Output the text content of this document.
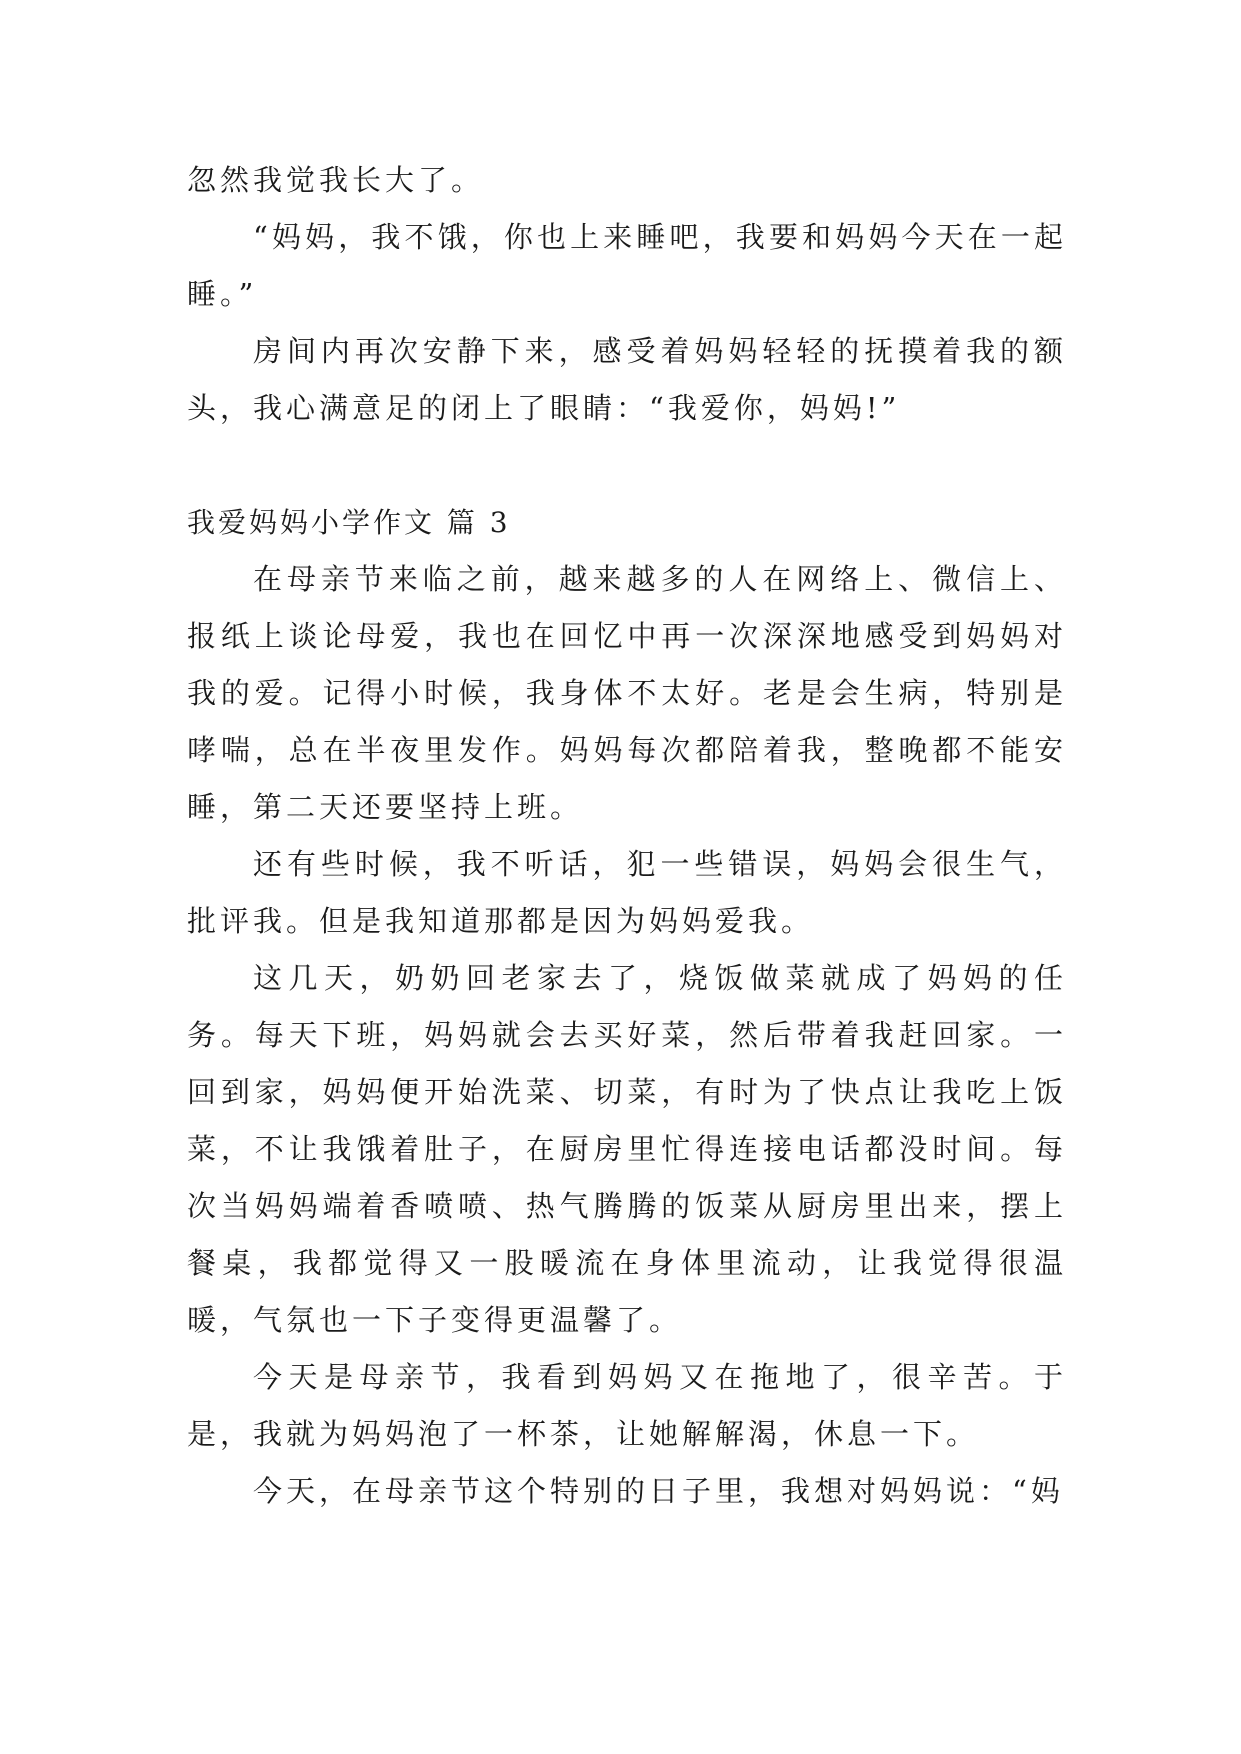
忽然我觉我长大了。

“妈妈，我不饿，你也上来睡吧，我要和妈妈今天在一起睡。”

房间内再次安静下来，感受着妈妈轻轻的抚摸着我的额头，我心满意足的闭上了眼睛：“我爱你，妈妈!”

我爱妈妈小学作文 篇 3

在母亲节来临之前，越来越多的人在网络上、微信上、报纸上谈论母爱，我也在回忆中再一次深深地感受到妈妈对我的爱。记得小时候，我身体不太好。老是会生病，特别是哮喘，总在半夜里发作。妈妈每次都陪着我，整晚都不能安睡，第二天还要坚持上班。

还有些时候，我不听话，犯一些错误，妈妈会很生气，批评我。但是我知道那都是因为妈妈爱我。

这几天，奶奶回老家去了，烧饭做菜就成了妈妈的任务。每天下班，妈妈就会去买好菜，然后带着我赶回家。一回到家，妈妈便开始洗菜、切菜，有时为了快点让我吃上饭菜，不让我饿着肚子，在厨房里忙得连接电话都没时间。每次当妈妈端着香喷喷、热气腾腾的饭菜从厨房里出来，摆上餐桌，我都觉得又一股暖流在身体里流动，让我觉得很温暖，气氛也一下子变得更温馨了。

今天是母亲节，我看到妈妈又在拖地了，很辛苦。于是，我就为妈妈泡了一杯茶，让她解解渴，休息一下。

今天，在母亲节这个特别的日子里，我想对妈妈说：“妈
